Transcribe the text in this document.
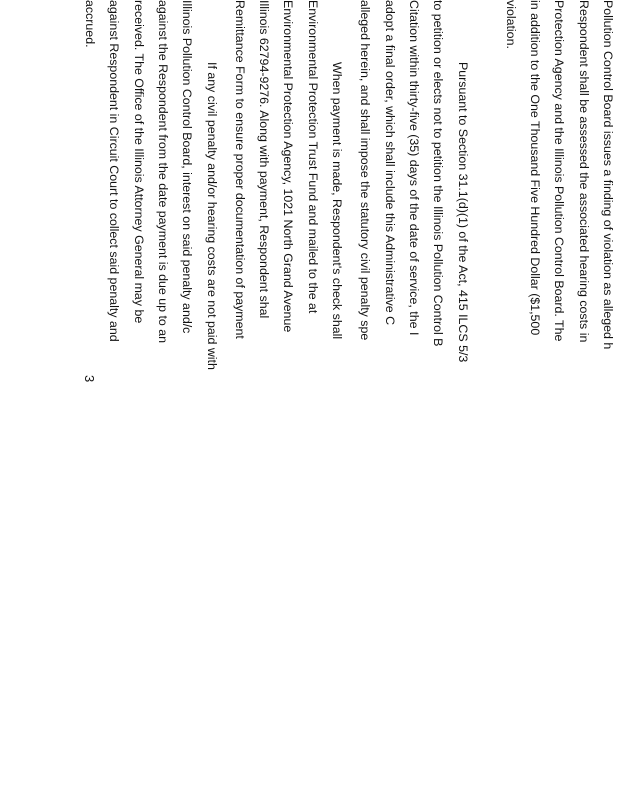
Pollution Control Board issues a finding of violation as alleged h
Respondent shall be assessed the associated hearing costs in
Protection Agency and the Illinois Pollution Control Board. The
in addition to the One Thousand Five Hundred Dollar ($1,500
violation.
Pursuant to Section 31.1(d)(1) of the Act, 415 ILCS 5/3
to petition or elects not to petition the Illinois Pollution Control B
Citation within thirty-five (35) days of the date of service, the I
adopt a final order, which shall include this Administrative C
alleged herein, and shall impose the statutory civil penalty spe
When payment is made, Respondent's check shall
Environmental Protection Trust Fund and mailed to the at
Environmental Protection Agency, 1021 North Grand Avenue
Illinois 62794-9276. Along with payment, Respondent shal
Remittance Form to ensure proper documentation of payment
If any civil penalty and/or hearing costs are not paid with
Illinois Pollution Control Board, interest on said penalty and/c
against the Respondent from the date payment is due up to an
received. The Office of the Illinois Attorney General may be
against Respondent in Circuit Court to collect said penalty and
accrued.
3
